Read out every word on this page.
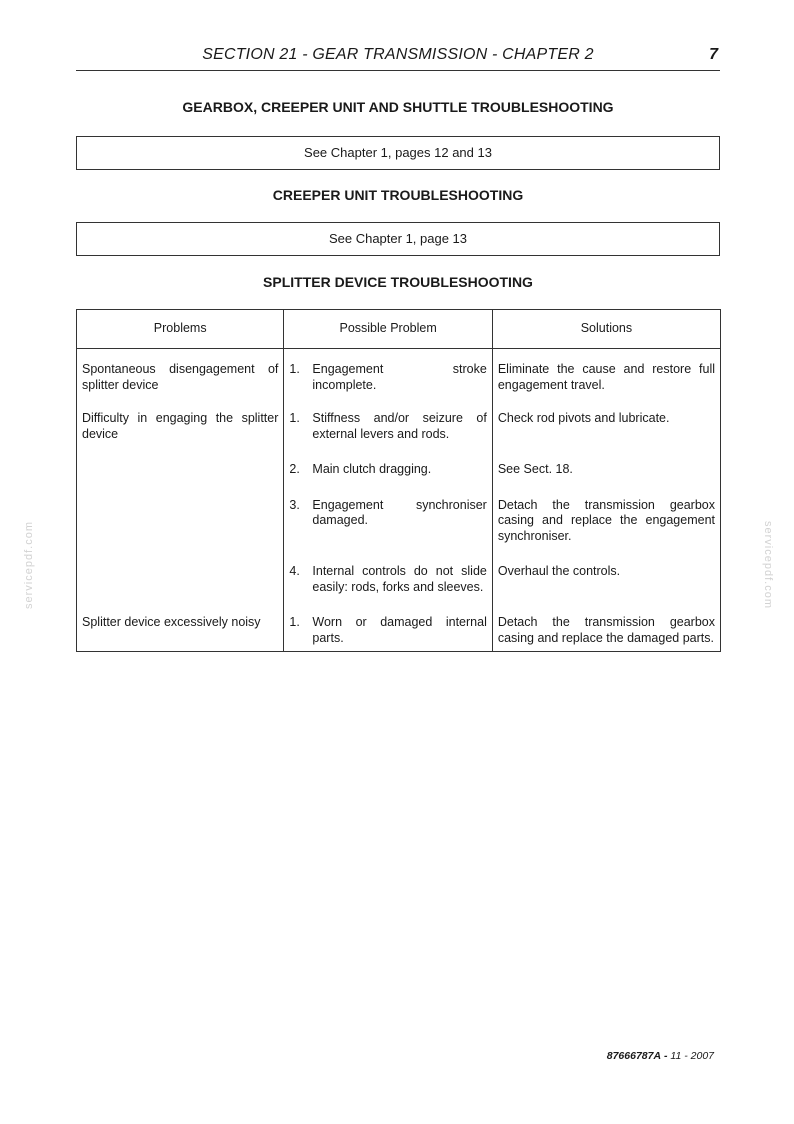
SECTION 21 - GEAR TRANSMISSION - CHAPTER 2	7
GEARBOX, CREEPER UNIT AND SHUTTLE TROUBLESHOOTING
See Chapter 1, pages 12 and 13
CREEPER UNIT TROUBLESHOOTING
See Chapter 1, page 13
SPLITTER DEVICE TROUBLESHOOTING
Problems	Possible Problem	Solutions

Spontaneous disengagement of splitter device	1. Engagement stroke incomplete.	Eliminate the cause and restore full engagement travel.

Difficulty in engaging the splitter device	1. Stiffness and/or seizure of external levers and rods.	Check rod pivots and lubricate.

	2. Main clutch dragging.	See Sect. 18.

	3. Engagement synchroniser damaged.	Detach the transmission gearbox casing and replace the engagement synchroniser.

	4. Internal controls do not slide easily: rods, forks and sleeves.	Overhaul the controls.

Splitter device excessively noisy	1. Worn or damaged internal parts.	Detach the transmission gearbox casing and replace the damaged parts.
87666787A - 11 - 2007
servicepdf.com	servicepdf.com
